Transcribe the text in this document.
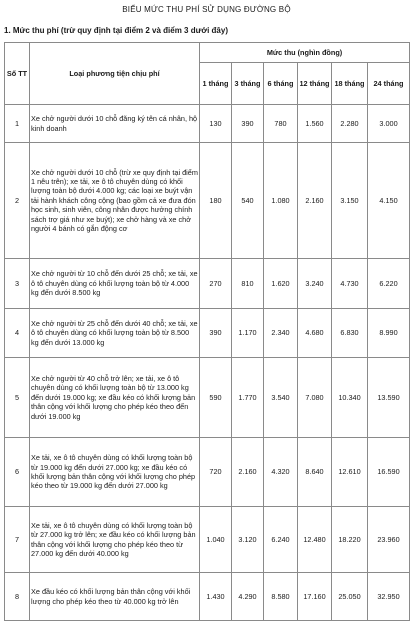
BIỂU MỨC THU PHÍ SỬ DỤNG ĐƯỜNG BỘ
1. Mức thu phí (trừ quy định tại điểm 2 và điểm 3 dưới đây)
Số TT	Loại phương tiện chịu phí	Mức thu (nghìn đồng)					
		1 tháng	3 tháng	6 tháng	12 tháng	18 tháng	24 tháng
1	Xe chở người dưới 10 chỗ đăng ký tên cá nhân, hộ kinh doanh	130	390	780	1.560	2.280	3.000
2	Xe chở người dưới 10 chỗ (trừ xe quy định tại điểm 1 nêu trên); xe tải, xe ô tô chuyên dùng có khối lượng toàn bộ dưới 4.000 kg; các loại xe buýt vận tải hành khách công cộng (bao gồm cả xe đưa đón học sinh, sinh viên, công nhân được hưởng chính sách trợ giá như xe buýt); xe chở hàng và xe chở người 4 bánh có gắn động cơ	180	540	1.080	2.160	3.150	4.150
3	Xe chở người từ 10 chỗ đến dưới 25 chỗ; xe tải, xe ô tô chuyên dùng có khối lượng toàn bộ từ 4.000 kg đến dưới 8.500 kg	270	810	1.620	3.240	4.730	6.220
4	Xe chở người từ 25 chỗ đến dưới 40 chỗ; xe tải, xe ô tô chuyên dùng có khối lượng toàn bộ từ 8.500 kg đến dưới 13.000 kg	390	1.170	2.340	4.680	6.830	8.990
5	Xe chở người từ 40 chỗ trở lên; xe tải, xe ô tô chuyên dùng có khối lượng toàn bộ từ 13.000 kg đến dưới 19.000 kg; xe đầu kéo có khối lượng bản thân cộng với khối lượng cho phép kéo theo đến dưới 19.000 kg	590	1.770	3.540	7.080	10.340	13.590
6	Xe tải, xe ô tô chuyên dùng có khối lượng toàn bộ từ 19.000 kg đến dưới 27.000 kg; xe đầu kéo có khối lượng bản thân cộng với khối lượng cho phép kéo theo từ 19.000 kg đến dưới 27.000 kg	720	2.160	4.320	8.640	12.610	16.590
7	Xe tải, xe ô tô chuyên dùng có khối lượng toàn bộ từ 27.000 kg trở lên; xe đầu kéo có khối lượng bản thân cộng với khối lượng cho phép kéo theo từ 27.000 kg đến dưới 40.000 kg	1.040	3.120	6.240	12.480	18.220	23.960
8	Xe đầu kéo có khối lượng bản thân cộng với khối lượng cho phép kéo theo từ 40.000 kg trở lên	1.430	4.290	8.580	17.160	25.050	32.950
